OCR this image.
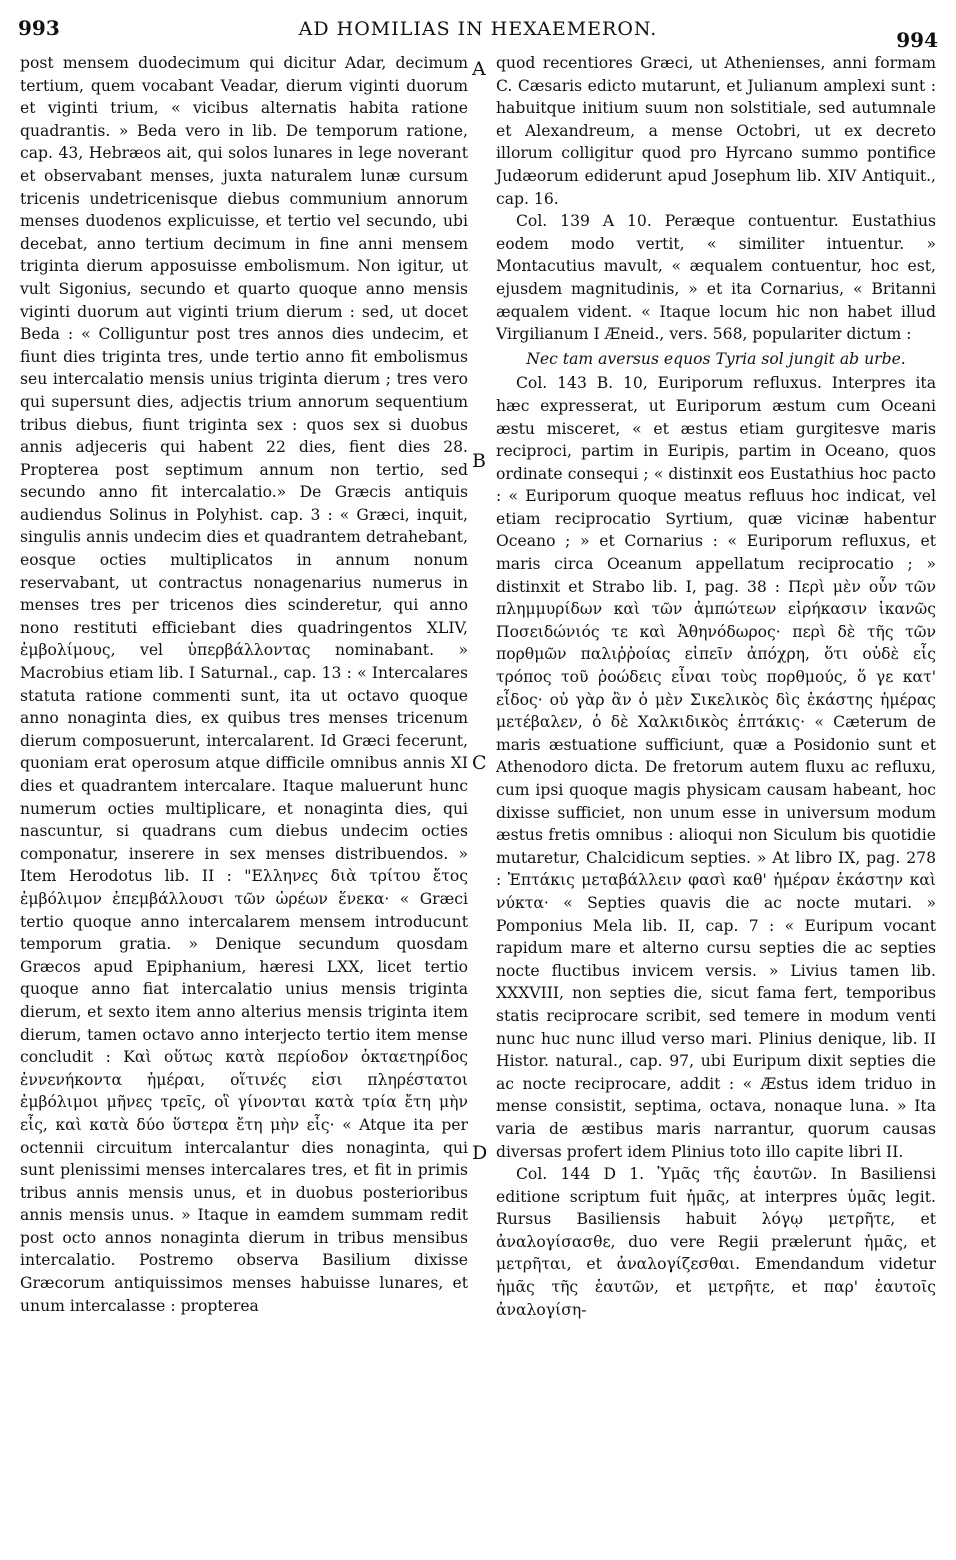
993	AD HOMILIAS IN HEXAEMERON.	994

post mensem duodecimum qui dicitur Adar, decimum tertium, quem vocabant Veadar, dierum viginti duorum et viginti trium, « vicibus alternatis habita ratione quadrantis. » Beda vero in lib. De temporum ratione, cap. 43, Hebræos ait, qui solos lunares in lege noverant et observabant menses, juxta naturalem lunæ cursum tricenis undetricenisque diebus communium annorum menses duodenos explicuisse, et tertio vel secundo, ubi decebat, anno tertium decimum in fine anni mensem triginta dierum apposuisse embolismum. Non igitur, ut vult Sigonius, secundo et quarto quoque anno mensis viginti duorum aut viginti trium dierum : sed, ut docet Beda : « Colliguntur post tres annos dies undecim, et fiunt dies triginta tres, unde tertio anno fit embolismus seu intercalatio mensis unius triginta dierum ; tres vero qui supersunt dies, adjectis trium annorum sequentium tribus diebus, fiunt triginta sex : quos sex si duobus annis adjeceris qui habent 22 dies, fient dies 28. Propterea post septimum annum non tertio, sed secundo anno fit intercalatio.» De Græcis antiquis audiendus Solinus in Polyhist. cap. 3 : « Græci, inquit, singulis annis undecim dies et quadrantem detrahebant, eosque octies multiplicatos in annum nonum reservabant, ut contractus nonagenarius numerus in menses tres per tricenos dies scinderetur, qui anno nono restituti efficiebant dies quadringentos XLIV, ἐμβολίμους, vel ὑπερβάλλοντας nominabant. » Macrobius etiam lib. I Saturnal., cap. 13 : « Intercalares statuta ratione commenti sunt, ita ut octavo quoque anno nonaginta dies, ex quibus tres menses tricenum dierum composuerunt, intercalarent. Id Græci fecerunt, quoniam erat operosum atque difficile omnibus annis XI dies et quadrantem intercalare. Itaque maluerunt hunc numerum octies multiplicare, et nonaginta dies, qui nascuntur, si quadrans cum diebus undecim octies componatur, inserere in sex menses distribuendos. » Item Herodotus lib. II : "Ελληνες διὰ τρίτου ἔτος ἐμβόλιμον ἐπεμβάλλουσι τῶν ὡρέων ἕνεκα· « Græci tertio quoque anno intercalarem mensem introducunt temporum gratia. » Denique secundum quosdam Græcos apud Epiphanium, hæresi LXX, licet tertio quoque anno fiat intercalatio unius mensis triginta dierum, et sexto item anno alterius mensis triginta item dierum, tamen octavo anno interjecto tertio item mense concludit : Καὶ οὕτως κατὰ περίοδον ὀκταετηρίδος ἐννενήκοντα ἡμέραι, οἵτινές εἰσι πληρέστατοι ἐμβόλιμοι μῆνες τρεῖς, οἳ γίνονται κατὰ τρία ἔτη μὴν εἷς, καὶ κατὰ δύο ὕστερα ἔτη μὴν εἷς· « Atque ita per octennii circuitum intercalantur dies nonaginta, qui sunt plenissimi menses intercalares tres, et fit in primis tribus annis mensis unus, et in duobus posterioribus annis mensis unus. » Itaque in eamdem summam redit post octo annos nonaginta dierum in tribus mensibus intercalatio. Postremo observa Basilium dixisse Græcorum antiquissimos menses habuisse lunares, et unum intercalasse : propterea

A
B
C
D

quod recentiores Græci, ut Athenienses, anni formam C. Cæsaris edicto mutarunt, et Julianum amplexi sunt : habuitque initium suum non solstitiale, sed autumnale et Alexandreum, a mense Octobri, ut ex decreto illorum colligitur quod pro Hyrcano summo pontifice Judæorum ediderunt apud Josephum lib. XIV Antiquit., cap. 16.

Col. 139 A 10. Peræque contuentur. Eustathius eodem modo vertit, « similiter intuentur. » Montacutius mavult, « æqualem contuentur, hoc est, ejusdem magnitudinis, » et ita Cornarius, « Britanni æqualem vident. « Itaque locum hic non habet illud Virgilianum I Æneid., vers. 568, populariter dictum :

Nec tam aversus equos Tyria sol jungit ab urbe.

Col. 143 B. 10, Euriporum refluxus. Interpres ita hæc expresserat, ut Euriporum æstum cum Oceani æstu misceret, « et æstus etiam gurgitesve maris reciproci, partim in Euripis, partim in Oceano, quos ordinate consequi ; « distinxit eos Eustathius hoc pacto : « Euriporum quoque meatus refluus hoc indicat, vel etiam reciprocatio Syrtium, quæ vicinæ habentur Oceano ; » et Cornarius : « Euriporum refluxus, et maris circa Oceanum appellatum reciprocatio ; » distinxit et Strabo lib. I, pag. 38 : Περὶ μὲν οὖν τῶν πλημμυρίδων καὶ τῶν ἀμπώτεων εἰρήκασιν ἱκανῶς Ποσειδώνιός τε καὶ Ἀθηνόδωρος· περὶ δὲ τῆς τῶν πορθμῶν παλιῤῥοίας εἰπεῖν ἀπόχρη, ὅτι οὐδὲ εἷς τρόπος τοῦ ῥοώδεις εἶναι τοὺς πορθμούς, ὅ γε κατ' εἶδος· οὐ γὰρ ἂν ὁ μὲν Σικελικὸς δὶς ἑκάστης ἡμέρας μετέβαλεν, ὁ δὲ Χαλκιδικὸς ἑπτάκις· « Cæterum de maris æstuatione sufficiunt, quæ a Posidonio sunt et Athenodoro dicta. De fretorum autem fluxu ac refluxu, cum ipsi quoque magis physicam causam habeant, hoc dixisse sufficiet, non unum esse in universum modum æstus fretis omnibus : alioqui non Siculum bis quotidie mutaretur, Chalcidicum septies. » At libro IX, pag. 278 : Ἑπτάκις μεταβάλλειν φασὶ καθ' ἡμέραν ἑκάστην καὶ νύκτα· « Septies quavis die ac nocte mutari. » Pomponius Mela lib. II, cap. 7 : « Euripum vocant rapidum mare et alterno cursu septies die ac septies nocte fluctibus invicem versis. » Livius tamen lib. XXXVIII, non septies die, sicut fama fert, temporibus statis reciprocare scribit, sed temere in modum venti nunc huc nunc illud verso mari. Plinius denique, lib. II Histor. natural., cap. 97, ubi Euripum dixit septies die ac nocte reciprocare, addit : « Æstus idem triduo in mense consistit, septima, octava, nonaque luna. » Ita varia de æstibus maris narrantur, quorum causas diversas profert idem Plinius toto illo capite libri II.

Col. 144 D 1. Ὑμᾶς τῆς ἑαυτῶν. In Basiliensi editione scriptum fuit ἡμᾶς, at interpres ὑμᾶς legit. Rursus Basiliensis habuit λόγῳ μετρῆτε, et ἀναλογίσασθε, duo vere Regii prælerunt ἡμᾶς, et μετρῆται, et ἀναλογίζεσθαι. Emendandum videtur ἡμᾶς τῆς ἑαυτῶν, et μετρῆτε, et παρ' ἑαυτοῖς ἀναλογίση-
